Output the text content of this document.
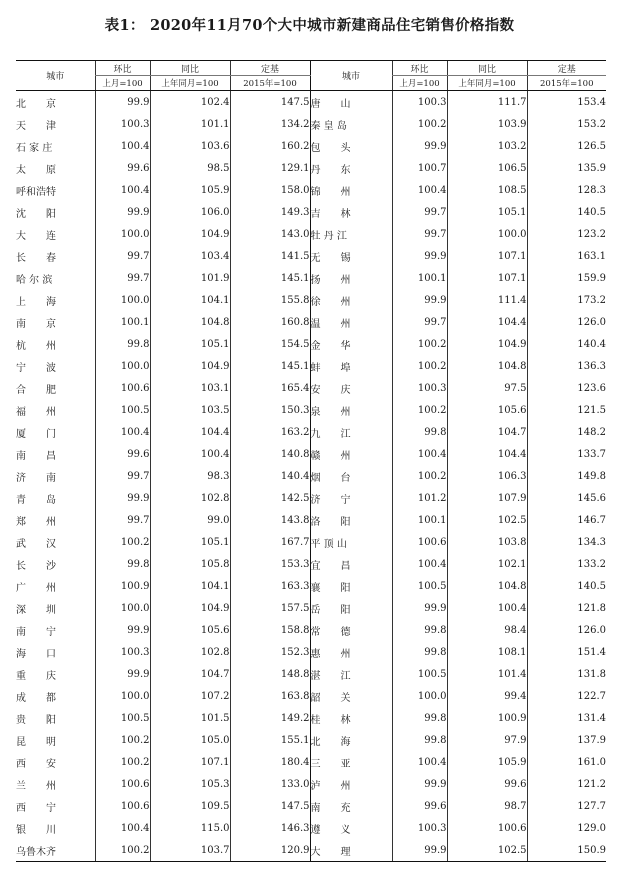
表1： 2020年11月70个大中城市新建商品住宅销售价格指数
城市	环比	同比	定基	城市	环比	同比	定基
	上月=100	上年同月=100	2015年=100		上月=100	上年同月=100	2015年=100
北　　京	99.9	102.4	147.5	唐　　山	100.3	111.7	153.4
天　　津	100.3	101.1	134.2	秦 皇 岛	100.2	103.9	153.2
石 家 庄	100.4	103.6	160.2	包　　头	99.9	103.2	126.5
太　　原	99.6	98.5	129.1	丹　　东	100.7	106.5	135.9
呼和浩特	100.4	105.9	158.0	锦　　州	100.4	108.5	128.3
沈　　阳	99.9	106.0	149.3	吉　　林	99.7	105.1	140.5
大　　连	100.0	104.9	143.0	牡 丹 江	99.7	100.0	123.2
长　　春	99.7	103.4	141.5	无　　锡	99.9	107.1	163.1
哈 尔 滨	99.7	101.9	145.1	扬　　州	100.1	107.1	159.9
上　　海	100.0	104.1	155.8	徐　　州	99.9	111.4	173.2
南　　京	100.1	104.8	160.8	温　　州	99.7	104.4	126.0
杭　　州	99.8	105.1	154.5	金　　华	100.2	104.9	140.4
宁　　波	100.0	104.9	145.1	蚌　　埠	100.2	104.8	136.3
合　　肥	100.6	103.1	165.4	安　　庆	100.3	97.5	123.6
福　　州	100.5	103.5	150.3	泉　　州	100.2	105.6	121.5
厦　　门	100.4	104.4	163.2	九　　江	99.8	104.7	148.2
南　　昌	99.6	100.4	140.8	赣　　州	100.4	104.4	133.7
济　　南	99.7	98.3	140.4	烟　　台	100.2	106.3	149.8
青　　岛	99.9	102.8	142.5	济　　宁	101.2	107.9	145.6
郑　　州	99.7	99.0	143.8	洛　　阳	100.1	102.5	146.7
武　　汉	100.2	105.1	167.7	平 顶 山	100.6	103.8	134.3
长　　沙	99.8	105.8	153.3	宜　　昌	100.4	102.1	133.2
广　　州	100.9	104.1	163.3	襄　　阳	100.5	104.8	140.5
深　　圳	100.0	104.9	157.5	岳　　阳	99.9	100.4	121.8
南　　宁	99.9	105.6	158.8	常　　德	99.8	98.4	126.0
海　　口	100.3	102.8	152.3	惠　　州	99.8	108.1	151.4
重　　庆	99.9	104.7	148.8	湛　　江	100.5	101.4	131.8
成　　都	100.0	107.2	163.8	韶　　关	100.0	99.4	122.7
贵　　阳	100.5	101.5	149.2	桂　　林	99.8	100.9	131.4
昆　　明	100.2	105.0	155.1	北　　海	99.8	97.9	137.9
西　　安	100.2	107.1	180.4	三　　亚	100.4	105.9	161.0
兰　　州	100.6	105.3	133.0	泸　　州	99.9	99.6	121.2
西　　宁	100.6	109.5	147.5	南　　充	99.6	98.7	127.7
银　　川	100.4	115.0	146.3	遵　　义	100.3	100.6	129.0
乌鲁木齐	100.2	103.7	120.9	大　　理	99.9	102.5	150.9
